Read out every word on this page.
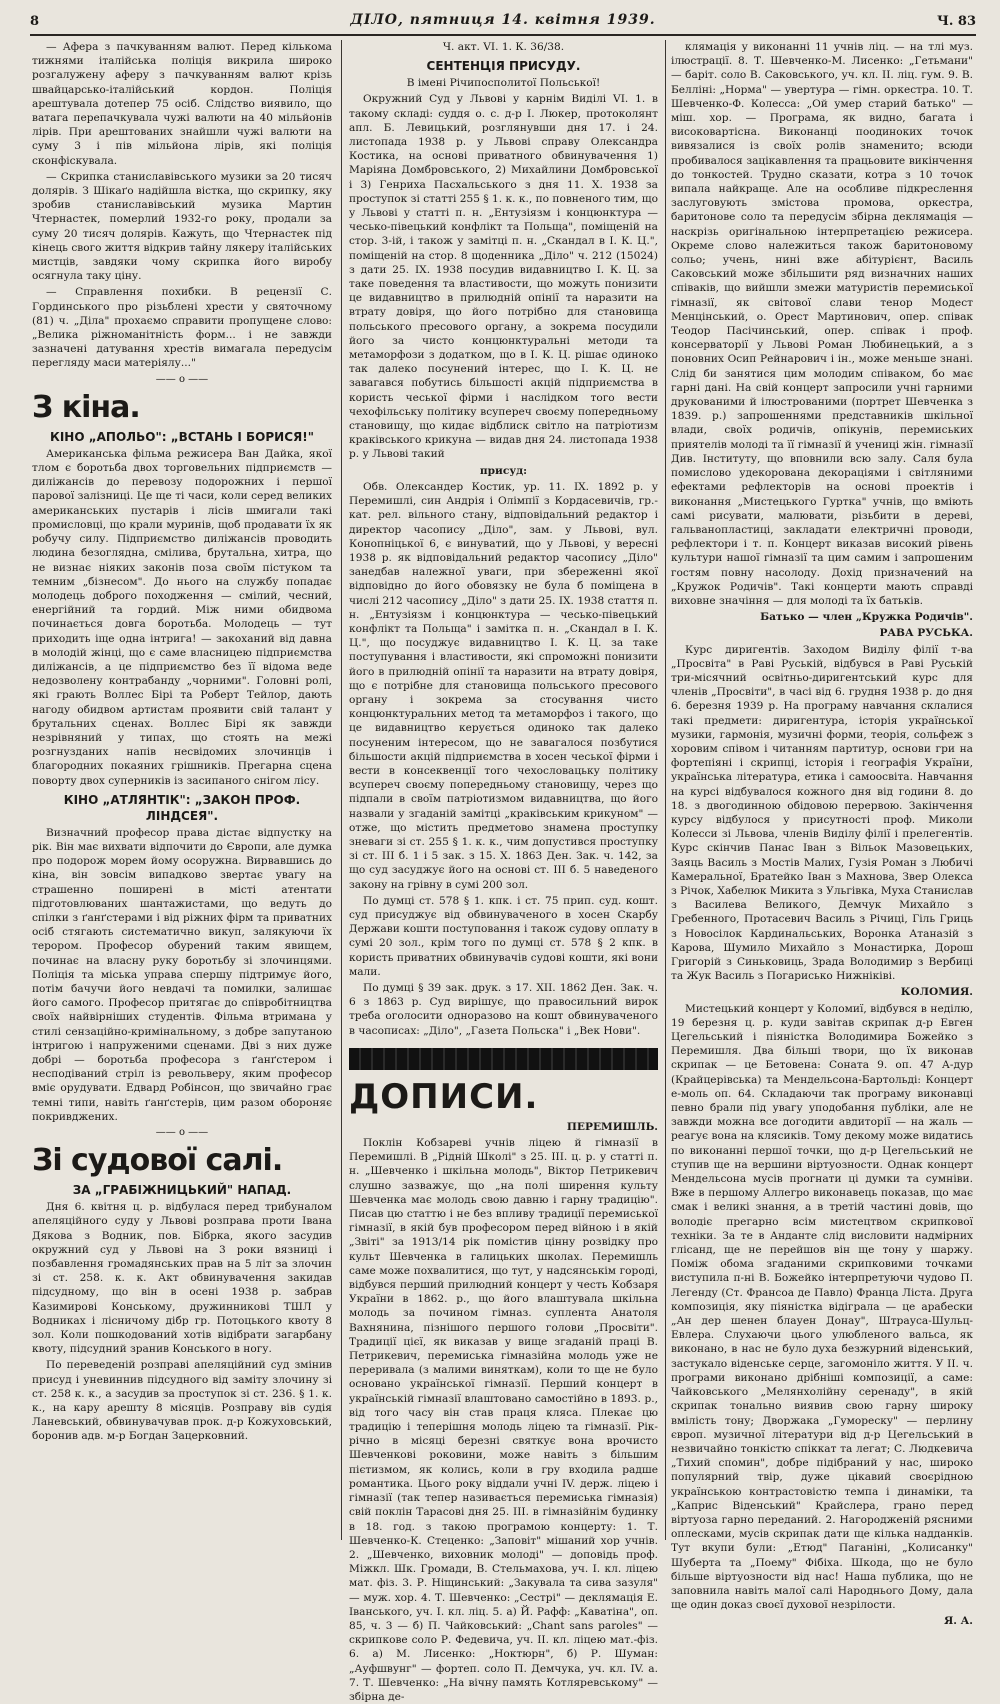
8	ДІЛО, пятниця 14. квітня 1939.	Ч. 83

— Афера з пачкуванням валют. Перед кількома тижнями італійська поліція викрила широко розгалужену аферу з пачкуванням валют крізь швайцарсько-італійський кордон. Поліція арештувала дотепер 75 осіб. Слідство виявило, що ватага перепачкувала чужі валюти на 40 мільйонів лірів. При арештованих знайшли чужі валюти на суму 3 і пів мільйона лірів, які поліція сконфіскувала.

— Скрипка станиславівського музики за 20 тисяч долярів. З Шікаґо надійшла вістка, що скрипку, яку зробив станиславівський музика Мартин Чтернастек, померлий 1932-го року, продали за суму 20 тисяч долярів. Кажуть, що Чтернастек під кінець свого життя відкрив тайну лякеру італійських мистців, завдяки чому скрипка його виробу осягнула таку ціну.

— Справлення похибки. В рецензії С. Гординського про різьблені хрести у святочному (81) ч. „Діла" прохаємо справити пропущене слово: „Велика ріжноманітність форм... і не завжди зазначені датування хрестів вимагала передусім перегляду маси матеріялу..."

—— o ——
З кіна.
КІНО „АПОЛЬО": „ВСТАНЬ І БОРИСЯ!"

Американська фільма режисера Ван Дайка, якої тлом є боротьба двох торговельних підприємств — диліжансів до перевозу подорожних і першої парової залізниці. Це ще ті часи, коли серед великих американських пустарів і лісів шмигали такі промисловці, що крали муринів, щоб продавати їх як робучу силу. Підприємство диліжансів проводить людина безоглядна, смілива, брутальна, хитра, що не визнає ніяких законів поза своїм пістуком та темним „бізнесом". До нього на службу попадає молодець доброго походження — смілий, чесний, енергійний та гордий. Між ними обидвома починається довга боротьба. Молодець — тут приходить іще одна інтрига! — закоханий від давна в молодій жінці, що є саме власницею підприємства диліжансів, а це підприємство без її відома веде недозволену контрабанду „чорними". Головні ролі, які грають Воллес Бірі та Роберт Тейлор, дають нагоду обидвом артистам проявити свій талант у брутальних сценах. Воллес Бірі як завжди незрівняний у типах, що стоять на межі розгнузданих напів несвідомих злочинців і благородних покаяних грішників. Прегарна сцена поворту двох суперників із засипаного снігом лісу.

КІНО „АТЛЯНТІК": „ЗАКОН ПРОФ. ЛІНДСЕЯ".

Визначний професор права дістає відпустку на рік. Він має вихвати відпочити до Європи, але думка про подорож морем йому осоружна. Вирвавшись до кіна, він зовсім випадково звертає увагу на страшенно поширені в місті атентати підготовлюваних шантажистами, що ведуть до спілки з ґанґстерами і від ріжних фірм та приватних осіб стягають систематично викуп, залякуючи їх терором. Професор обурений таким явищем, починає на власну руку боротьбу зі злочинцями. Поліція та міська управа спершу підтримує його, потім бачучи його невдачі та помилки, залишає його самого. Професор притягає до співробітництва своїх найвірніших студентів. Фільма втримана у стилі сензаційно-кримінальному, з добре запутаною інтригою і напруженими сценами. Дві з них дуже добрі — боротьба професора з ґанґстером і несподіваний стріл із револьверу, яким професор вміє орудувати. Едвард Робінсон, що звичайно грає темні типи, навіть ґанґстерів, цим разом обороняє покривджених.

—— o ——
Зі судової салі.
ЗА „ГРАБІЖНИЦЬКИЙ" НАПАД.

Дня 6. квітня ц. р. відбулася перед трибуналом апеляційного суду у Львові розправа проти Івана Дякова з Водник, пов. Бібрка, якого засудив окружний суд у Львові на 3 роки вязниці і позбавлення громадянських прав на 5 літ за злочин зі ст. 258. к. к. Акт обвинувачення закидав підсудному, що він в осені 1938 р. забрав Казимирові Конському, дружинникові ТШЛ у Водниках і лісничому дібр гр. Потоцького квоту 8 зол. Коли пошкодований хотів відібрати загарбану квоту, підсудний зранив Конського в ногу.

По переведеній розправі апеляційний суд змінив присуд і уневиннив підсудного від заміту злочину зі ст. 258 к. к., а засудив за проступок зі ст. 236. § 1. к. к., на кару арешту 8 місяців. Розправу вів судія Ланевський, обвинувачував прок. д-р Кожуховський, боронив адв. м-р Богдан Зацерковний.

Ч. акт. VI. 1. К. 36/38.

СЕНТЕНЦІЯ ПРИСУДУ.

В імені Річипосполитої Польської!

Окружний Суд у Львові у карнім Виділі VI. 1. в такому складі: суддя о. с. д-р І. Люкер, протоколянт апл. Б. Левицький, розглянувши дня 17. і 24. листопада 1938 р. у Львові справу Олександра Костика, на основі приватного обвинувачення 1) Маріяна Домбровського, 2) Михайлини Домбровської і 3) Генриха Пасхальського з дня 11. X. 1938 за проступок зі статті 255 § 1. к. к., по повненого тим, що у Львові у статті п. н. „Ентузіязм і концюнктура — чесько-півецький конфлікт та Польща", поміщеній на стор. 3-ій, і також у замітці п. н. „Скандал в І. К. Ц.", поміщеній на стор. 8 щоденника „Діло" ч. 212 (15024) з дати 25. IX. 1938 посудив видавництво І. К. Ц. за таке поведення та властивости, що можуть понизити це видавництво в прилюдній опінії та наразити на втрату довіря, що його потрібно для становища польського пресового органу, а зокрема посудили його за чисто концюнктуральні методи та метаморфози з додатком, що в І. К. Ц. рішає одиноко так далеко посунений інтерес, що І. К. Ц. не завагався побутись більшості акцій підприємства в користь чеської фірми і наслідком того вести чехофільську політику всупереч своєму попередньому становищу, що кидає відблиск світло на патріотизм краківського крикуна — видав дня 24. листопада 1938 р. у Львові такий

присуд:

Обв. Олександер Костик, ур. 11. IX. 1892 р. у Перемишлі, син Андрія і Олімпії з Кордасевичів, гр.-кат. рел. вільного стану, відповідальний редактор і директор часопису „Діло", зам. у Львові, вул. Конопніцької 6, є винуватий, що у Львові, у вересні 1938 р. як відповідальний редактор часопису „Діло" занедбав належної уваги, при збереженні якої відповідно до його обовязку не була б поміщена в числі 212 часопису „Діло" з дати 25. IX. 1938 стаття п. н. „Ентузіязм і концюнктура — чесько-півецький конфлікт та Польща" і замітка п. н. „Скандал в І. К. Ц.", що посуджує видавництво І. К. Ц. за таке поступування і властивости, які спроможні понизити його в прилюдній опінії та наразити на втрату довіря, що є потрібне для становища польського пресового органу і зокрема за стосування чисто концюнктуральних метод та метаморфоз і такого, що це видавництво керується одиноко так далеко посуненим інтересом, що не завагалося позбутися більшости акцій підприємства в хосен чеської фірми і вести в консеквенції того чехословацьку політику всупереч своєму попередньому становищу, через що підпали в своїм патріотизмом видавництва, що його назвали у згаданій замітці „краківським крикуном" — отже, що містить предметово знамена проступку зневаги зі ст. 255 § 1. к. к., чим допустився проступку зі ст. ІІІ б. 1 і 5 зак. з 15. X. 1863 Ден. Зак. ч. 142, за що суд засуджує його на основі ст. ІІІ б. 5 наведеного закону на грівну в сумі 200 зол.

По думці ст. 578 § 1. кпк. і ст. 75 прип. суд. кошт. суд присуджує від обвинуваченого в хосен Скарбу Держави кошти поступовання і також судову оплату в сумі 20 зол., крім того по думці ст. 578 § 2 кпк. в користь приватних обвинувачів судові кошти, які вони мали.

По думці § 39 зак. друк. з 17. XII. 1862 Ден. Зак. ч. 6 з 1863 р. Суд вирішує, що правосильний вирок треба оголосити одноразово на кошт обвинуваченого в часописах: „Діло", „Газета Польска" і „Век Нови".

ДОПИСИ.

ПЕРЕМИШЛЬ.

Поклін Кобзареві учнів ліцею й гімназії в Перемишлі. В „Рідній Школі" з 25. III. ц. р. у статті п. н. „Шевченко і шкільна молодь", Віктор Петрикевич слушно зазважує, що „на полі ширення культу Шевченка має молодь свою давню і гарну традицію". Писав цю статтю і не без впливу традиції перемиської гімназії, в якій був професором перед війною і в якій „Звіті" за 1913/14 рік помістив цінну розвідку про культ Шевченка в галицьких школах. Перемишль саме може похвалитися, що тут, у надсянськім городі, відбувся перший прилюдний концерт у честь Кобзаря України в 1862. р., що його влаштувала шкільна молодь за почином гімназ. суплента Анатоля Вахнянина, пізнішого першого голови „Просвіти". Традиції цієї, як виказав у вище згаданій праці В. Петрикевич, перемиська гімназійна молодь уже не переривала (з малими виняткам), коли то ще не було основано української гімназії. Перший концерт в українській гімназії влаштовано самостійно в 1893. р., від того часу він став праця кляса. Плекає цю традицію і теперішня молодь ліцею та гімназії. Рік-річно в місяці березні святкує вона врочисто Шевченкові роковини, може навіть з більшим пієтизмом, як колись, коли в гру входила радше романтика. Цього року віддали учні IV. держ. ліцею і гімназії (так тепер називається перемиська гімназія) свій поклін Тарасові дня 25. III. в гімназійнім будинку в 18. год. з такою програмою концерту: 1. Т. Шевченко-К. Стеценко: „Заповіт" мішаний хор учнів. 2. „Шевченко, виховник молоді" — доповідь проф. Міжкл. Шк. Громади, В. Стельмахова, уч. І. кл. ліцею мат. фіз. 3. Р. Ніщинський: „Закувала та сива зазуля" — муж. хор. 4. Т. Шевченко: „Сестрі" — деклямація Е. Іванського, уч. І. кл. ліц. 5. а) Й. Рафф: „Каватіна", оп. 85, ч. 3 — б) П. Чайковський: „Chant sans paroles" — скрипкове соло Р. Федевича, уч. ІІ. кл. ліцею мат.-фіз. 6. а) М. Лисенко: „Ноктюрн", б) Р. Шуман: „Ауфшвунг" — фортеп. соло П. Демчука, уч. кл. IV. а. 7. Т. Шевченко: „На вічну память Котляревському" — збірна де-

клямація у виконанні 11 учнів ліц. — на тлі муз. ілюстрації. 8. Т. Шевченко-М. Лисенко: „Гетьмани" — баріт. соло В. Саковського, уч. кл. II. ліц. гум. 9. В. Белліні: „Норма" — увертура — гімн. оркестра. 10. Т. Шевченко-Ф. Колесса: „Ой умер старий батько" — міш. хор. — Програма, як видно, багата і високовартісна. Виконанці поодиноких точок вивязалися із своїх ролів знаменито; всюди пробивалося зацікавлення та працьовите викінчення до тонкостей. Трудно сказати, котра з 10 точок випала найкраще. Але на особливе підкреслення заслуговують змістова промова, оркестра, баритонове соло та передусім збірна деклямація — наскрізь оригінальною інтерпретацією режисера. Окреме слово належиться також баритоновому сольо; учень, нині вже абітурієнт, Василь Саковський може збільшити ряд визначних наших співаків, що вийшли змежи матуристів перемиської гімназії, як світової слави тенор Модест Менцінський, о. Орест Мартинович, опер. співак Теодор Пасічинський, опер. співак і проф. консерваторії у Львові Роман Любинецький, а з поновних Осип Рейнарович і ін., може меньше знані. Слід би занятися цим молодим співаком, бо має гарні дані. На свій концерт запросили учні гарними друкованими й ілюстрованими (портрет Шевченка з 1839. р.) запрошеннями представників шкільної влади, своїх родичів, опікунів, перемиських приятелів молоді та її гімназії й учениці жін. гімназії Див. Інституту, що вповнили всю залу. Саля була помислово удекорована декораціями і світляними ефектами рефлекторів на основі проектів і виконання „Мистецького Гуртка" учнів, що вміють самі рисувати, малювати, різьбити в дереві, гальванопластиці, закладати електричні проводи, рефлектори і т. п. Концерт виказав високий рівень культури нашої гімназії та цим самим і запрошеним гостям повну насолоду. Дохід призначений на „Кружок Родичів". Такі концерти мають справді виховне значіння — для молоді та їх батьків.

Батько — член „Кружка Родичів".

РАВА РУСЬКА.

Курс диригентів. Заходом Виділу філії т-ва „Просвіта" в Раві Руській, відбувся в Раві Руській три-місячний освітньо-диригентський курс для членів „Просвіти", в часі від 6. грудня 1938 р. до дня 6. березня 1939 р. На програму навчання склалися такі предмети: диригентура, історія української музики, гармонія, музичні форми, теорія, сольфеж з хоровим співом і читанням партитур, основи гри на фортепіяні і скрипці, історія і географія України, українська література, етика і самоосвіта. Навчання на курсі відбувалося кожного дня від години 8. до 18. з двогодинною обідовою перервою. Закінчення курсу відбулося у присутності проф. Миколи Колесси зі Львова, членів Виділу філії і прелегентів. Курс скінчив Панас Іван з Вільок Мазовецьких, Заяць Василь з Мостів Малих, Гузія Роман з Любичі Камеральної, Братейко Іван з Махнова, Звер Олекса з Річок, Хабелюк Микита з Ульгівка, Муха Станислав з Василева Великого, Демчук Михайло з Гребенного, Протасевич Василь з Річиці, Гіль Гриць з Новосілок Кардинальських, Воронка Атаназій з Карова, Шумило Михайло з Монастирка, Дорош Григорій з Синьковиць, Зрада Володимир з Вербиці та Жук Василь з Погарисько Нижніківі.

КОЛОМИЯ.

Мистецький концерт у Коломиї, відбувся в неділю, 19 березня ц. р. куди завітав скрипак д-р Евген Цегельський і піяністка Володимира Божейко з Перемишля. Два більші твори, що їх виконав скрипак — це Бетовена: Соната 9. оп. 47 А-дур (Крайцерівська) та Мендельсона-Бартольді: Концерт е-моль оп. 64. Складаючи так програму виконавці певно брали під увагу уподобання публіки, але не завжди можна все догодити авдиторії — на жаль — реагує вона на клясиків. Тому декому може видатись по виконанні першої точки, що д-р Цегельський не ступив ще на вершини віртуозности. Однак концерт Мендельсона мусів прогнати ці думки та сумніви. Вже в першому Аллегро виконавець показав, що має смак і великі знання, а в третій частині довів, що володіє прегарно всім мистецтвом скрипкової техніки. За те в Андантe слід висловити надмірних глісанд, ще не перейшов він ще тону у шаржу. Поміж обома згаданими скрипковими точками виступила п-ні В. Божейко інтерпретуючи чудово П. Легенду (Ст. Франсоа де Павло) Франца Ліста. Друга композиція, яку піяністка відіграла — це арабески „Ан дер шенен блауен Донау", Штрауса-Шульц-Евлера. Слухаючи цього улюбленого вальса, як виконано, в нас не було духа безжурний віденський, застукало віденське серце, загомоніло життя. У II. ч. програми виконано дрібніші композиції, а саме: Чайковського „Мелянхолійну серенаду", в якій скрипак тонально виявив свою гарну широку вмілість тону; Дворжака „Гумореску" — перлину європ. музичної літератури від д-р Цегельський в незвичайно тонкістю спіккат та легат; С. Людкевича „Тихий спомин", добре підібраний у нас, широко популярний твір, дуже цікавий своєрідною українською контрастовістю темпа і динаміки, та „Каприс Віденський" Крайслера, грано перед віртуоза гарно переданий. 2. Нагородженій рясними оплесками, мусів скрипак дати ще кілька надданків. Тут вкупи були: „Етюд" Паганіні, „Колисанку" Шуберта та „Поему" Фібіха. Шкода, що не було більше віртуозности від нас! Наша публика, що не заповнила навіть малої салі Народнього Дому, дала ще один доказ своєї духової незрілости.

Я. А.
